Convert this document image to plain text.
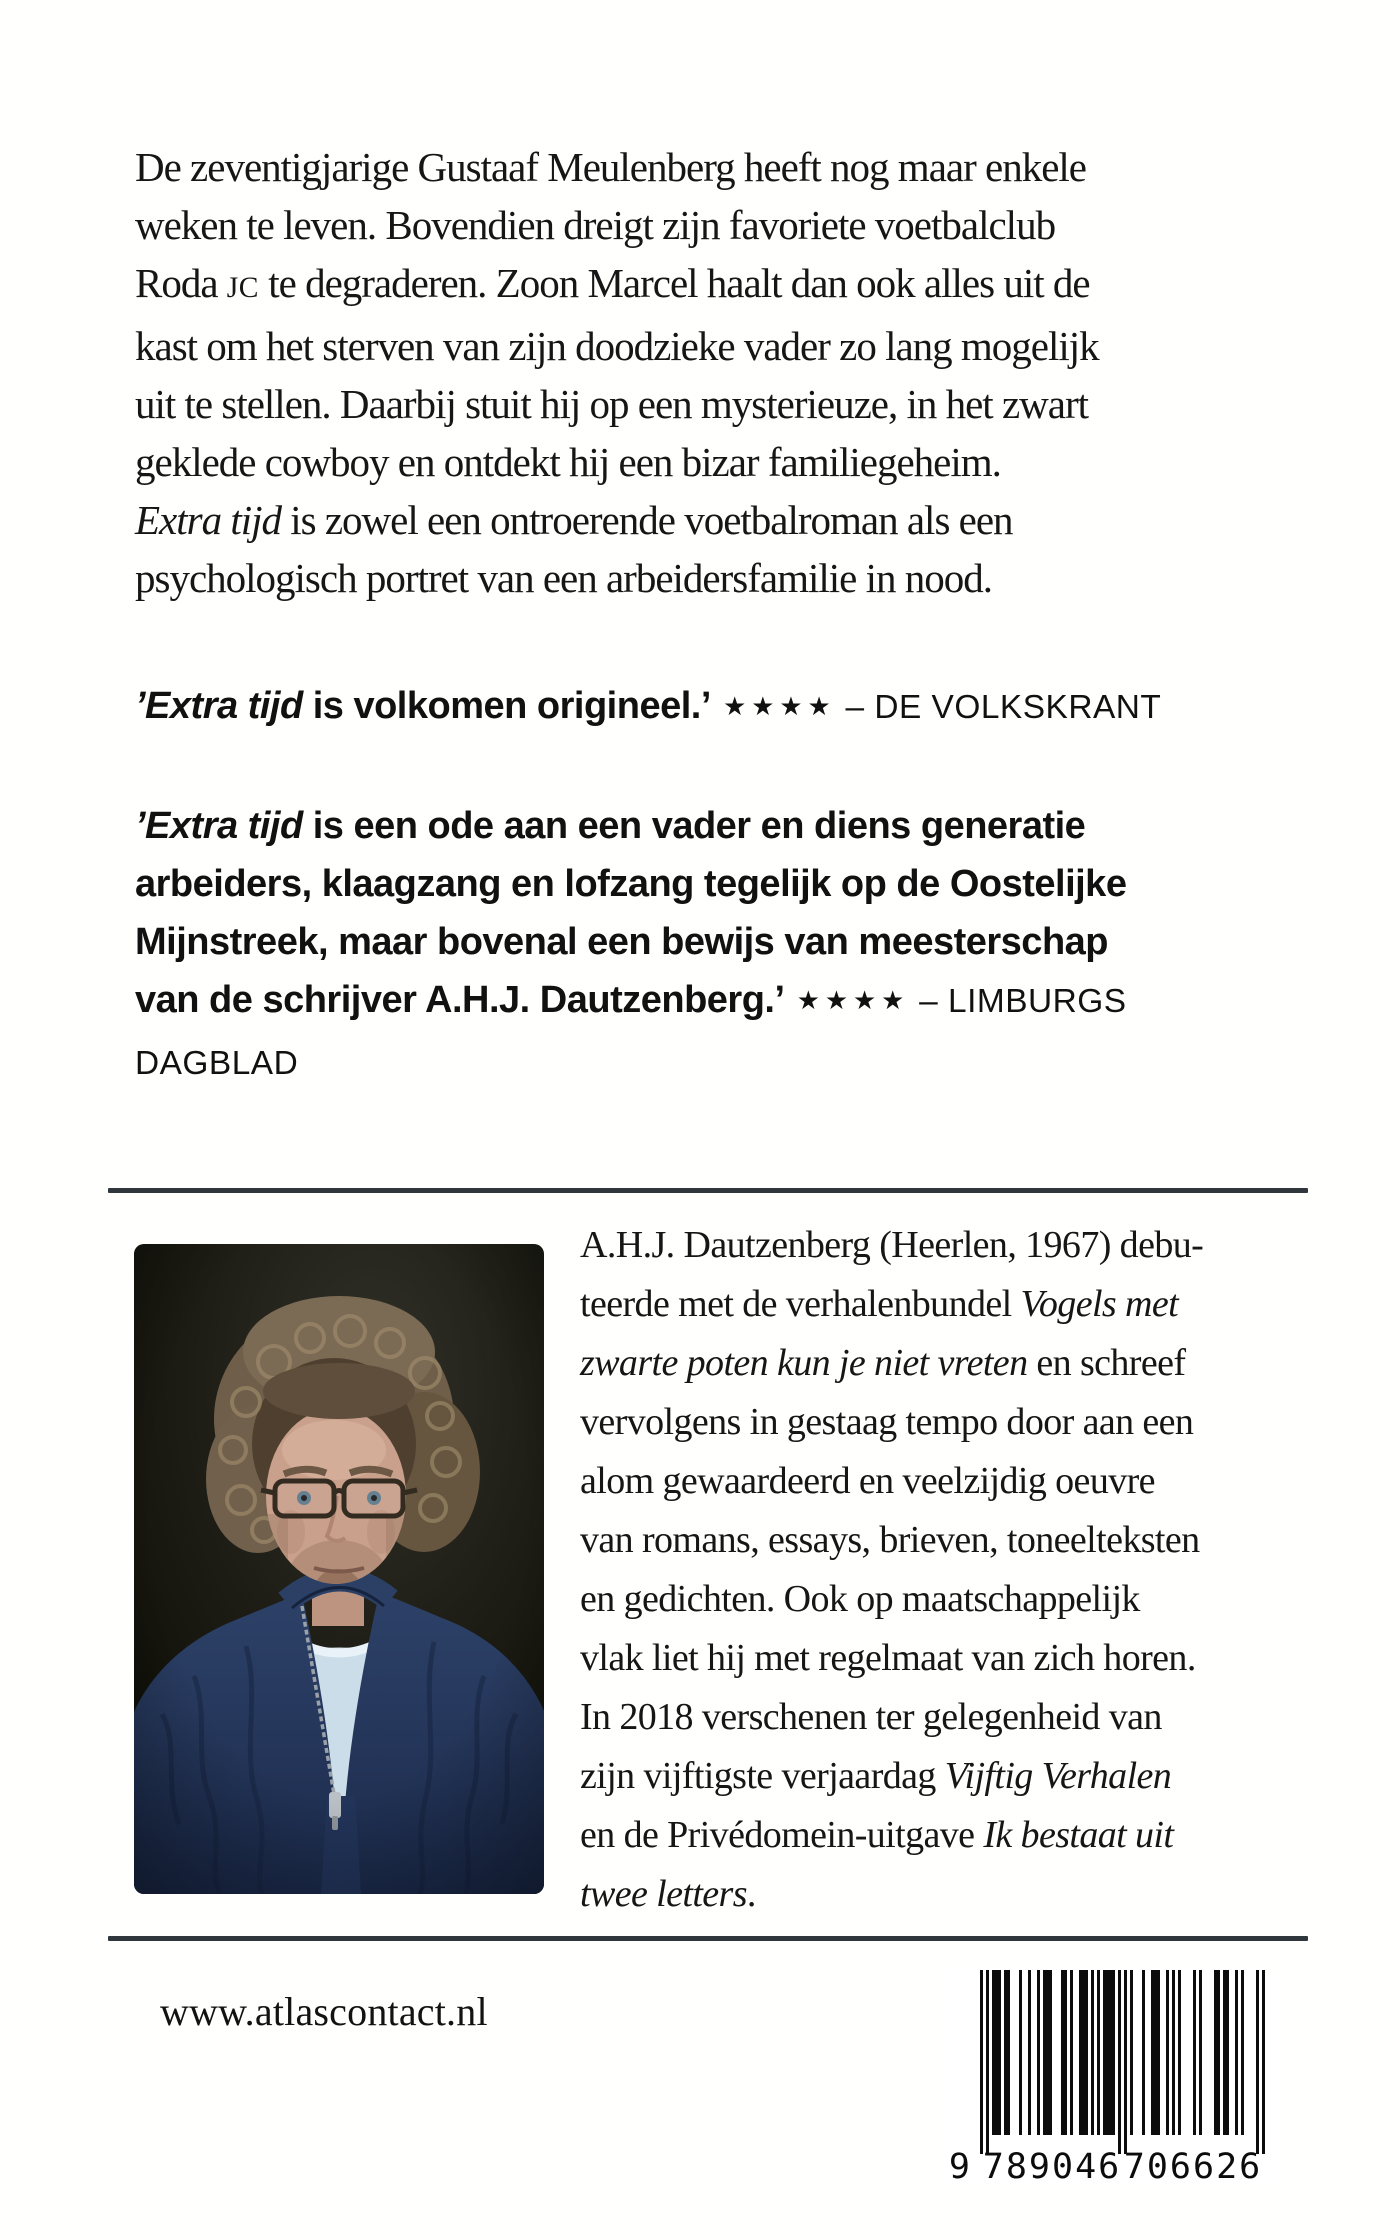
De zeventigjarige Gustaaf Meulenberg heeft nog maar enkele
weken te leven. Bovendien dreigt zijn favoriete voetbalclub
Roda JC te degraderen. Zoon Marcel haalt dan ook alles uit de
kast om het sterven van zijn doodzieke vader zo lang mogelijk
uit te stellen. Daarbij stuit hij op een mysterieuze, in het zwart
geklede cowboy en ontdekt hij een bizar familiegeheim.
Extra tijd is zowel een ontroerende voetbalroman als een
psychologisch portret van een arbeidersfamilie in nood.
’Extra tijd is volkomen origineel.’ ★★★★ – DE VOLKSKRANT
’Extra tijd is een ode aan een vader en diens generatie
arbeiders, klaagzang en lofzang tegelijk op de Oostelijke
Mijnstreek, maar bovenal een bewijs van meesterschap
van de schrijver A.H.J. Dautzenberg.’ ★★★★ – LIMBURGS
DAGBLAD
A.H.J. Dautzenberg (Heerlen, 1967) debu-
teerde met de verhalenbundel Vogels met
zwarte poten kun je niet vreten en schreef
vervolgens in gestaag tempo door aan een
alom gewaardeerd en veelzijdig oeuvre
van romans, essays, brieven, toneelteksten
en gedichten. Ook op maatschappelijk
vlak liet hij met regelmaat van zich horen.
In 2018 verschenen ter gelegenheid van
zijn vijftigste verjaardag Vijftig Verhalen
en de Privédomein-uitgave Ik bestaat uit
twee letters.
www.atlascontact.nl
9 789046 706626
